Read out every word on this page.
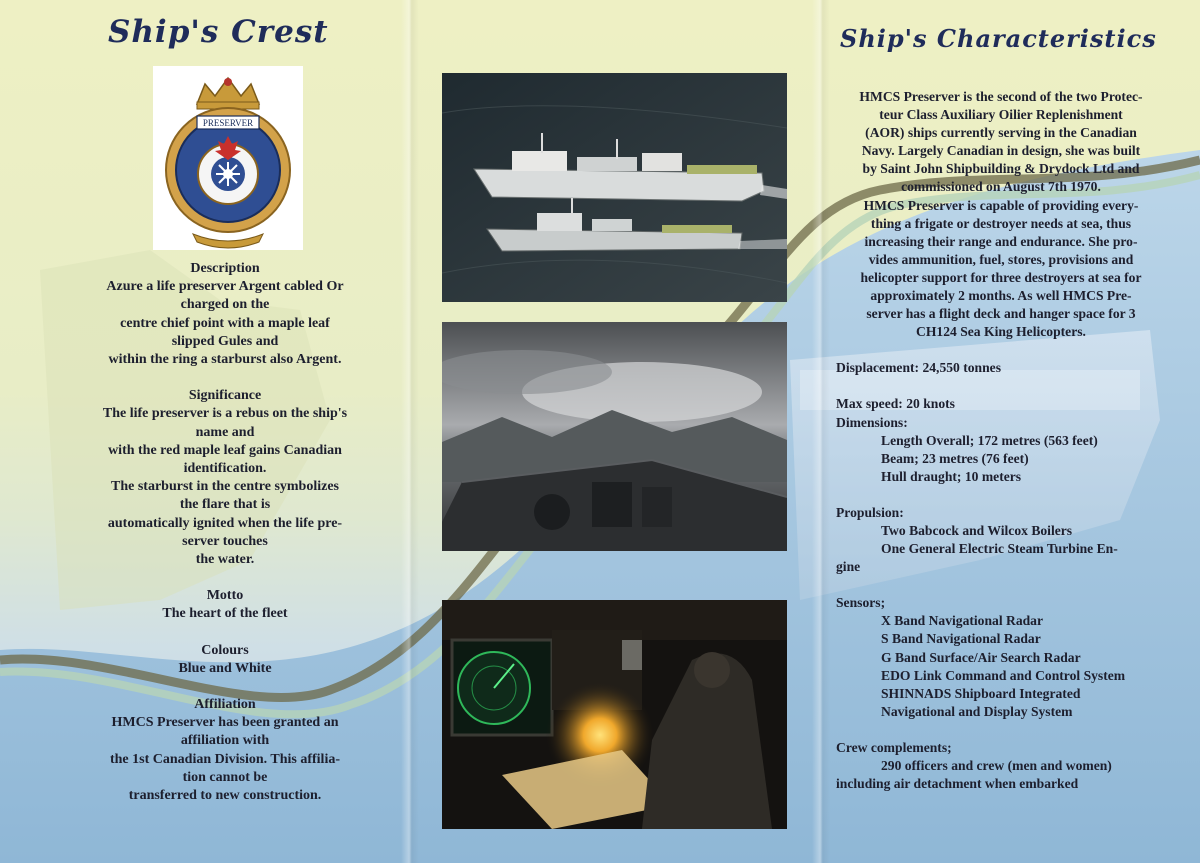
Ship's Crest
PRESERVER

Description

Azure a life preserver Argent cabled Or

charged on the

centre chief point with a maple leaf

slipped Gules and

within the ring a starburst also Argent.

Significance

The life preserver is a rebus on the ship's

name and

with the red maple leaf gains Canadian

identification.

The starburst in the centre symbolizes

the flare that is

automatically ignited when the life pre-

server touches

the water.

Motto

The heart of the fleet

Colours

Blue and White

Affiliation

HMCS Preserver has been granted an

affiliation with

the 1st Canadian Division. This affilia-

tion cannot be

transferred to new construction.

Ship's Characteristics

HMCS Preserver is the second of the two Protec-

teur Class Auxiliary Oilier Replenishment

(AOR) ships currently serving in the Canadian

Navy. Largely Canadian in design, she was built

by Saint John Shipbuilding & Drydock Ltd and

commissioned on August 7th 1970.

HMCS Preserver is capable of providing every-

thing a frigate or destroyer needs at sea, thus

increasing their range and endurance. She pro-

vides ammunition, fuel, stores, provisions and

helicopter support for three destroyers at sea for

approximately 2 months. As well HMCS Pre-

server has a flight deck and hanger space for 3

CH124 Sea King Helicopters.

Displacement: 24,550 tonnes

Max speed: 20 knots

Dimensions:

Length Overall; 172 metres (563 feet)

Beam; 23 metres (76 feet)

Hull draught; 10 meters

Propulsion:

Two Babcock and Wilcox Boilers

One General Electric Steam Turbine En-

gine

Sensors;

X Band Navigational Radar

S Band Navigational Radar

G Band Surface/Air Search Radar

EDO Link Command and Control System

SHINNADS Shipboard Integrated

Navigational and Display System

Crew complements;

290 officers and crew (men and women)

including air detachment when embarked
